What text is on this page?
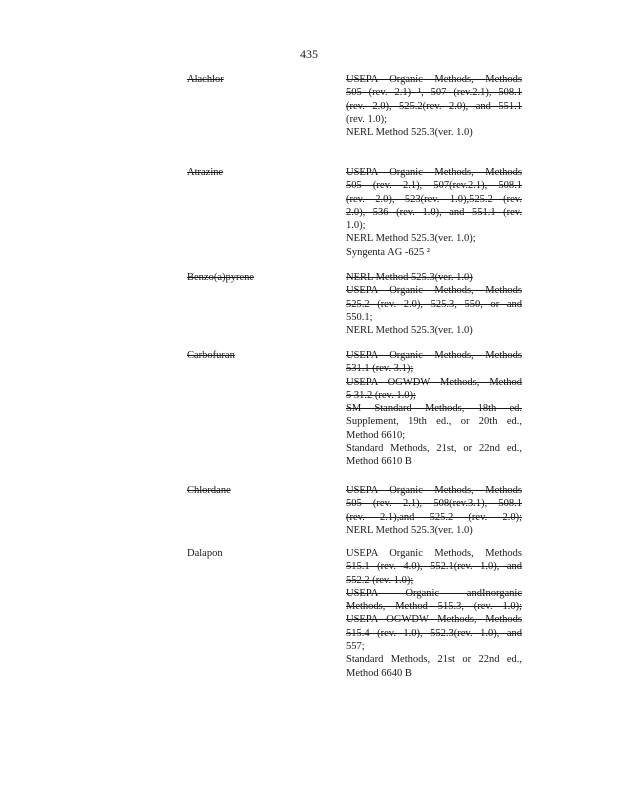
435
Alachlor	USEPA Organic Methods, Methods
505 (rev. 2.1) ¹, 507 (rev.2.1), 508.1
(rev. 2.0), 525.2(rev. 2.0), and 551.1
(rev. 1.0);
NERL Method 525.3(ver. 1.0)
Atrazine	USEPA Organic Methods, Methods
505 (rev. 2.1), 507(rev.2.1), 508.1
(rev. 2.0), 523(rev. 1.0),525.2 (rev.
2.0), 536 (rev. 1.0), and 551.1 (rev.
1.0);
NERL Method 525.3(ver. 1.0);
Syngenta AG -625 ²
Benzo(a)pyrene	NERL Method 525.3(ver. 1.0)
USEPA Organic Methods, Methods
525.2 (rev. 2.0), 525.3, 550, or and
550.1;
NERL Method 525.3(ver. 1.0)
Carbofuran	USEPA Organic Methods, Methods
531.1 (rev. 3.1);
USEPA OGWDW Methods, Method
5 31.2 (rev. 1.0);
SM Standard Methods, 18th ed.
Supplement, 19th ed., or 20th ed.,
Method 6610;
Standard Methods, 21st, or 22nd ed.,
Method 6610 B
Chlordane	USEPA Organic Methods, Methods
505 (rev. 2.1), 508(rev.3.1), 508.1
(rev. 2.1),and 525.2 (rev. 2.0);
NERL Method 525.3(ver. 1.0)
Dalapon	USEPA Organic Methods, Methods
515.1 (rev. 4.0), 552.1(rev. 1.0), and
552.2 (rev. 1.0);
USEPA Organic andInorganic
Methods, Method 515.3, (rev. 1.0);
USEPA OGWDW Methods, Methods
515.4 (rev. 1.0), 552.3(rev. 1.0), and
557;
Standard Methods, 21st or 22nd ed.,
Method 6640 B
